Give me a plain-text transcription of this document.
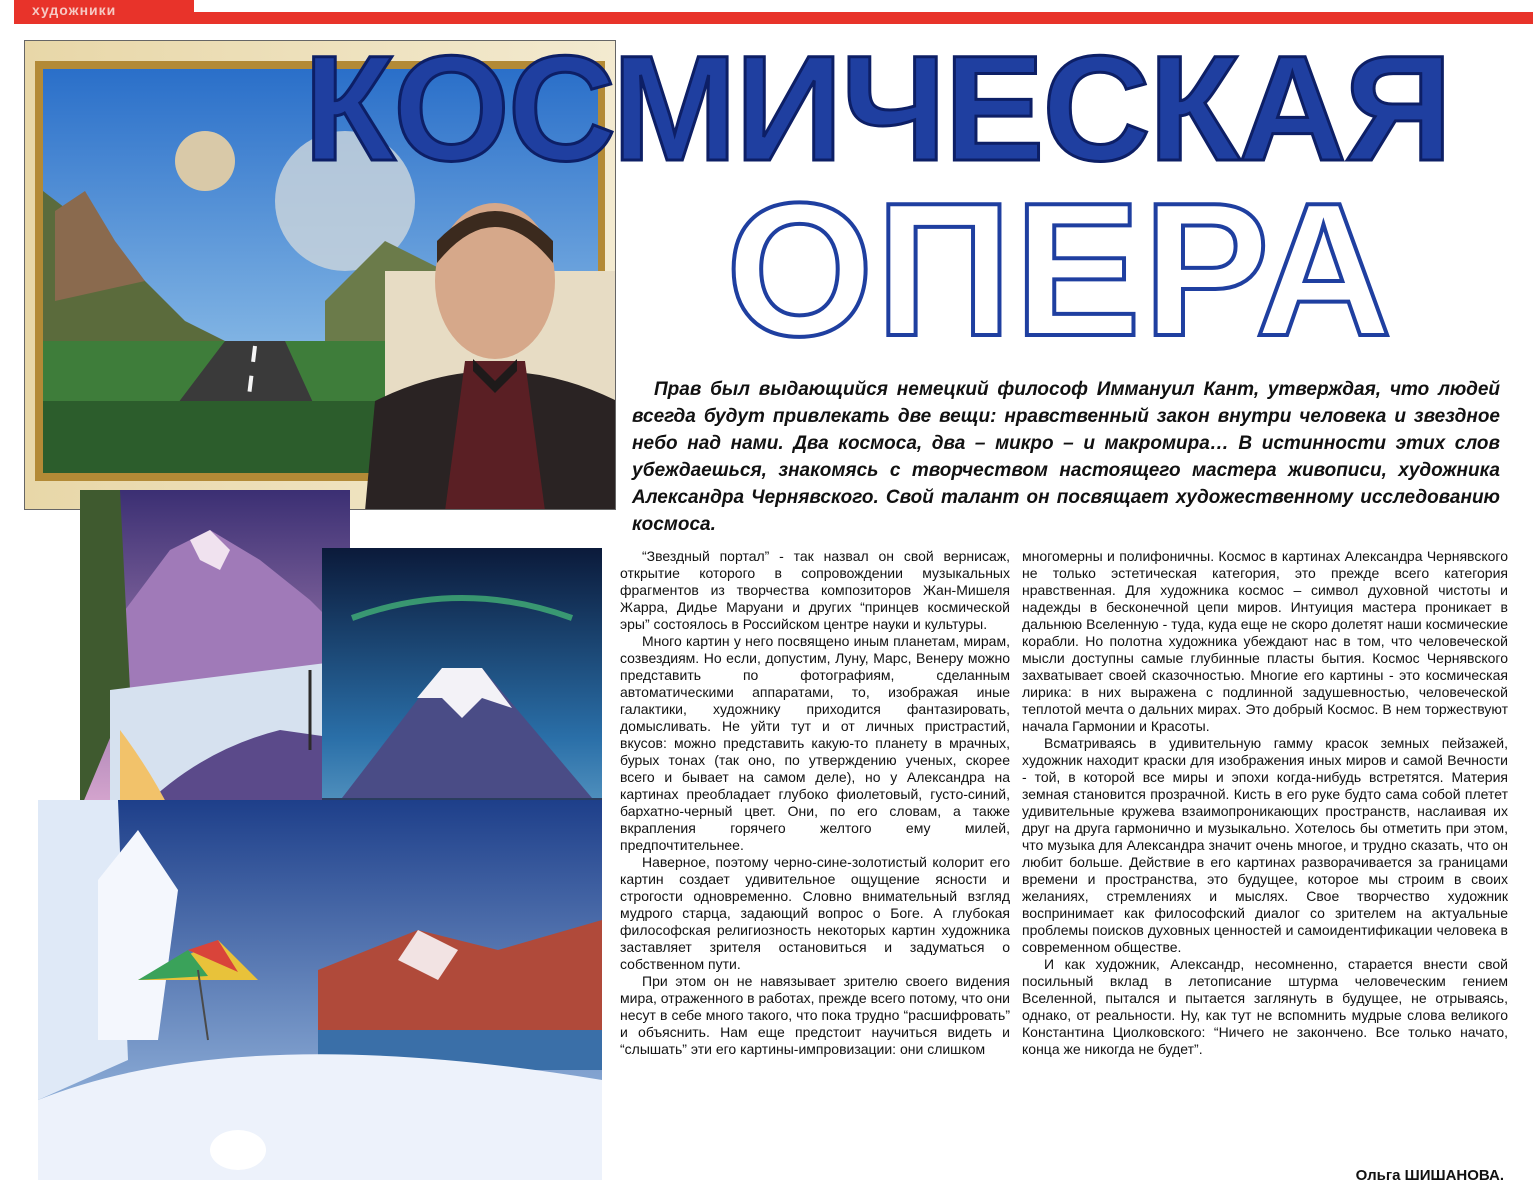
художники
КОСМИЧЕСКАЯ
ОПЕРА
Прав был выдающийся немецкий философ Иммануил Кант, утверждая, что людей всегда будут привлекать две вещи: нравственный закон внутри человека и звездное небо над нами. Два космоса, два – микро – и макромира… В истинности этих слов убеждаешься, знакомясь с творчеством настоящего мастера живописи, художника Александра Чернявского. Свой талант он посвящает художественному исследованию космоса.

“Звездный портал” - так назвал он свой вернисаж, открытие которого в сопровождении музыкальных фрагментов из творчества композиторов Жан-Мишеля Жарра, Дидье Маруани и других “принцев космической эры” состоялось в Российском центре науки и культуры.

Много картин у него посвящено иным планетам, мирам, созвездиям. Но если, допустим, Луну, Марс, Венеру можно представить по фотографиям, сделанным автоматическими аппаратами, то, изображая иные галактики, художнику приходится фантазировать, домысливать. Не уйти тут и от личных пристрастий, вкусов: можно представить какую-то планету в мрачных, бурых тонах (так оно, по утверждению ученых, скорее всего и бывает на самом деле), но у Александра на картинах преобладает глубоко фиолетовый, густо-синий, бархатно-черный цвет. Они, по его словам, а также вкрапления горячего желтого ему милей, предпочтительнее.

Наверное, поэтому черно-сине-золотистый колорит его картин создает удивительное ощущение ясности и строгости одновременно. Словно внимательный взгляд мудрого старца, задающий вопрос о Боге. А глубокая философская религиозность некоторых картин художника заставляет зрителя остановиться и задуматься о собственном пути.

При этом он не навязывает зрителю своего видения мира, отраженного в работах, прежде всего потому, что они несут в себе много такого, что пока трудно “расшифровать” и объяснить. Нам еще предстоит научиться видеть и “слышать” эти его картины-импровизации: они слишком

многомерны и полифоничны. Космос в картинах Александра Чернявского не только эстетическая категория, это прежде всего категория нравственная. Для художника космос – символ духовной чистоты и надежды в бесконечной цепи миров. Интуиция мастера проникает в дальнюю Вселенную - туда, куда еще не скоро долетят наши космические корабли. Но полотна художника убеждают нас в том, что человеческой мысли доступны самые глубинные пласты бытия. Космос Чернявского захватывает своей сказочностью. Многие его картины - это космическая лирика: в них выражена с подлинной задушевностью, человеческой теплотой мечта о дальних мирах. Это добрый Космос. В нем торжествуют начала Гармонии и Красоты.

Всматриваясь в удивительную гамму красок земных пейзажей, художник находит краски для изображения иных миров и самой Вечности - той, в которой все миры и эпохи когда-нибудь встретятся. Материя земная становится прозрачной. Кисть в его руке будто сама собой плетет удивительные кружева взаимопроникающих пространств, наслаивая их друг на друга гармонично и музыкально. Хотелось бы отметить при этом, что музыка для Александра значит очень многое, и трудно сказать, что он любит больше. Действие в его картинах разворачивается за границами времени и пространства, это будущее, которое мы строим в своих желаниях, стремлениях и мыслях. Свое творчество художник воспринимает как философский диалог со зрителем на актуальные проблемы поисков духовных ценностей и самоидентификации человека в современном обществе.

И как художник, Александр, несомненно, старается внести свой посильный вклад в летописание штурма человеческим гением Вселенной, пытался и пытается заглянуть в будущее, не отрываясь, однако, от реальности. Ну, как тут не вспомнить мудрые слова великого Константина Циолковского: “Ничего не закончено. Все только начато, конца же никогда не будет”.

Ольга ШИШАНОВА.
